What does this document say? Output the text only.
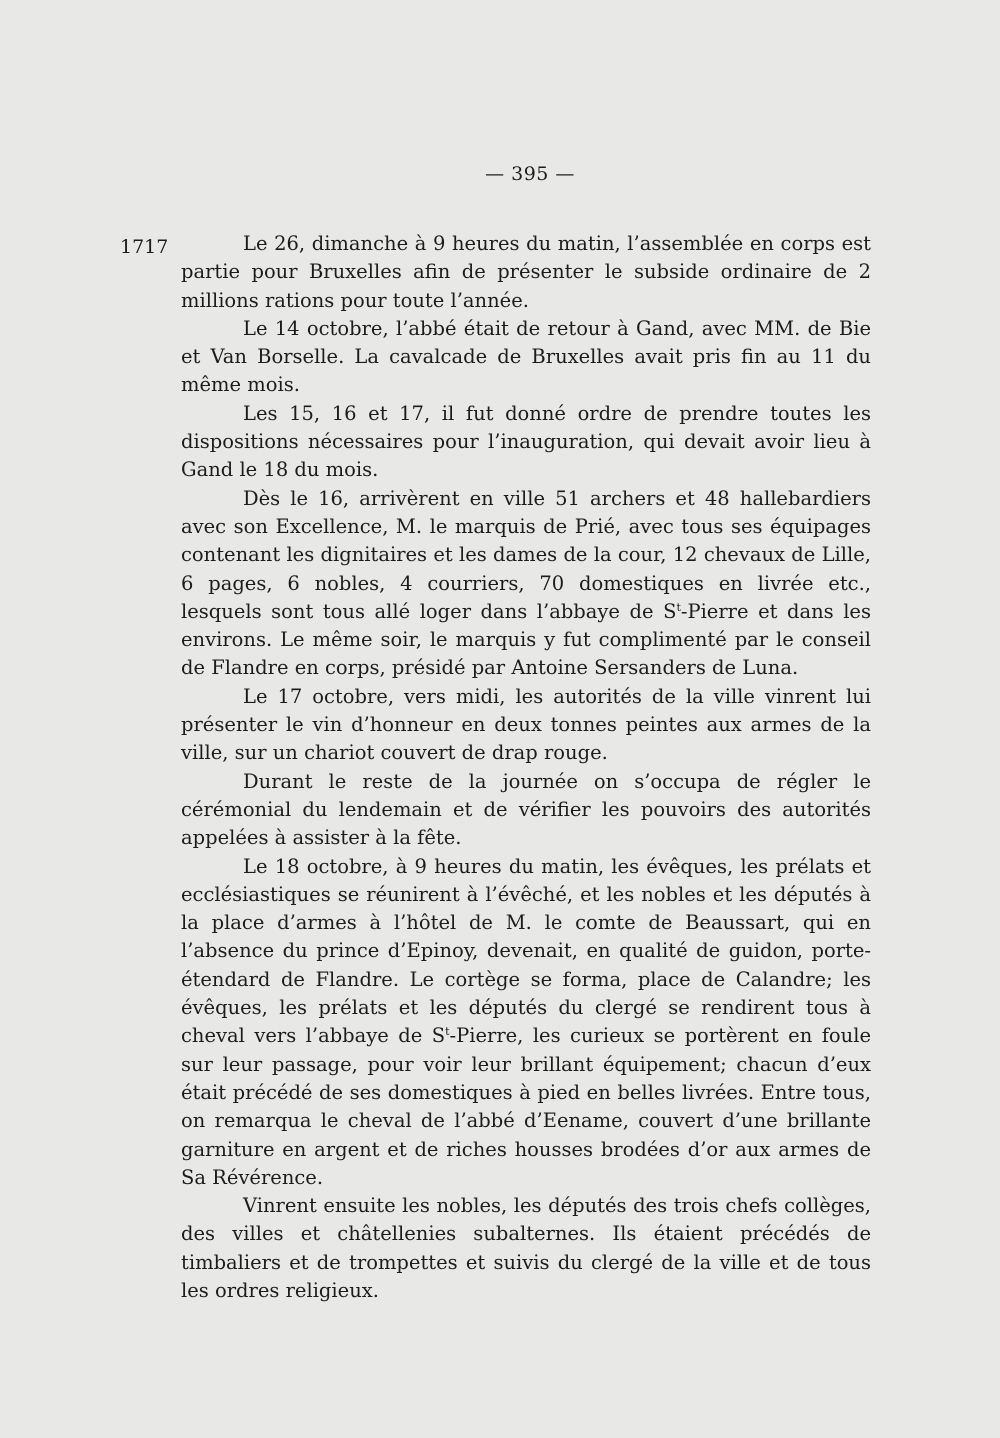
— 395 —
1717	Le 26, dimanche à 9 heures du matin, l’assemblée en corps est partie pour Bruxelles afin de présenter le subside ordinaire de 2 millions rations pour toute l’année.

Le 14 octobre, l’abbé était de retour à Gand, avec MM. de Bie et Van Borselle. La cavalcade de Bruxelles avait pris fin au 11 du même mois.

Les 15, 16 et 17, il fut donné ordre de prendre toutes les dispositions nécessaires pour l’inauguration, qui devait avoir lieu à Gand le 18 du mois.

Dès le 16, arrivèrent en ville 51 archers et 48 hallebardiers avec son Excellence, M. le marquis de Prié, avec tous ses équipages contenant les dignitaires et les dames de la cour, 12 chevaux de Lille, 6 pages, 6 nobles, 4 courriers, 70 domestiques en livrée etc., lesquels sont tous allé loger dans l’abbaye de $S^t$-Pierre et dans les environs. Le même soir, le marquis y fut complimenté par le conseil de Flandre en corps, présidé par Antoine Sersanders de Luna.

Le 17 octobre, vers midi, les autorités de la ville vinrent lui présenter le vin d’honneur en deux tonnes peintes aux armes de la ville, sur un chariot couvert de drap rouge.

Durant le reste de la journée on s’occupa de régler le cérémonial du lendemain et de vérifier les pouvoirs des autorités appelées à assister à la fête.

Le 18 octobre, à 9 heures du matin, les évêques, les prélats et ecclésiastiques se réunirent à l’évêché, et les nobles et les députés à la place d’armes à l’hôtel de M. le comte de Beaussart, qui en l’absence du prince d’Epinoy, devenait, en qualité de guidon, porte-étendard de Flandre. Le cortège se forma, place de Calandre; les évêques, les prélats et les députés du clergé se rendirent tous à cheval vers l’abbaye de $S^t$-Pierre, les curieux se portèrent en foule sur leur passage, pour voir leur brillant équipement; chacun d’eux était précédé de ses domestiques à pied en belles livrées. Entre tous, on remarqua le cheval de l’abbé d’Eename, couvert d’une brillante garniture en argent et de riches housses brodées d’or aux armes de Sa Révérence.

Vinrent ensuite les nobles, les députés des trois chefs collèges, des villes et châtellenies subalternes. Ils étaient précédés de timbaliers et de trompettes et suivis du clergé de la ville et de tous les ordres religieux.
